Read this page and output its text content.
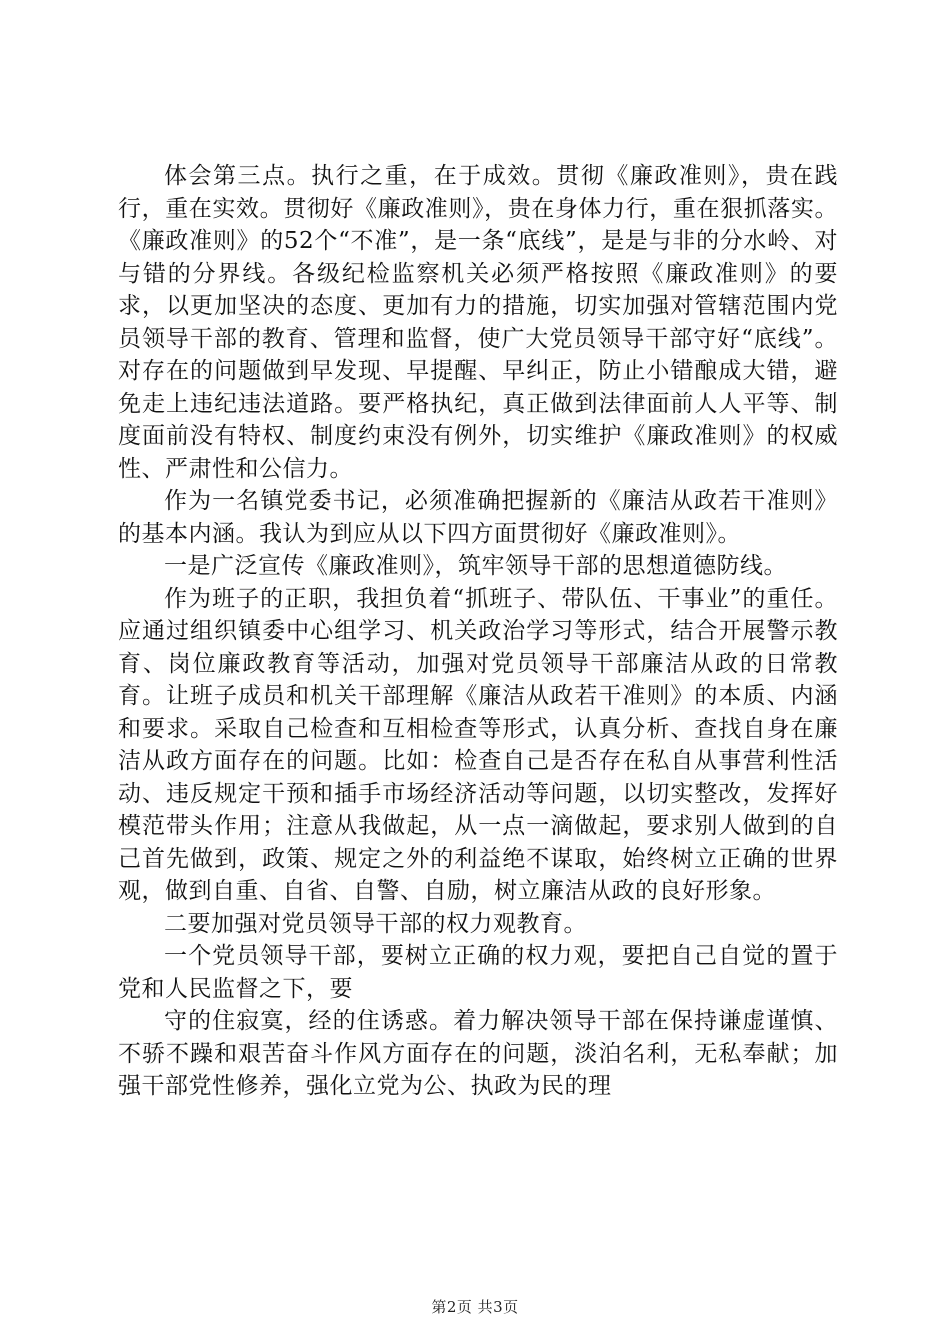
体会第三点。执行之重，在于成效。贯彻《廉政准则》，贵在践行，重在实效。贯彻好《廉政准则》，贵在身体力行，重在狠抓落实。《廉政准则》的52个“不准”，是一条“底线”，是是与非的分水岭、对与错的分界线。各级纪检监察机关必须严格按照《廉政准则》的要求，以更加坚决的态度、更加有力的措施，切实加强对管辖范围内党员领导干部的教育、管理和监督，使广大党员领导干部守好“底线”。对存在的问题做到早发现、早提醒、早纠正，防止小错酿成大错，避免走上违纪违法道路。要严格执纪，真正做到法律面前人人平等、制度面前没有特权、制度约束没有例外，切实维护《廉政准则》的权威性、严肃性和公信力。

作为一名镇党委书记，必须准确把握新的《廉洁从政若干准则》的基本内涵。我认为到应从以下四方面贯彻好《廉政准则》。

一是广泛宣传《廉政准则》，筑牢领导干部的思想道德防线。

作为班子的正职，我担负着“抓班子、带队伍、干事业”的重任。应通过组织镇委中心组学习、机关政治学习等形式，结合开展警示教育、岗位廉政教育等活动，加强对党员领导干部廉洁从政的日常教育。让班子成员和机关干部理解《廉洁从政若干准则》的本质、内涵和要求。采取自己检查和互相检查等形式，认真分析、查找自身在廉洁从政方面存在的问题。比如：检查自己是否存在私自从事营利性活动、违反规定干预和插手市场经济活动等问题，以切实整改，发挥好模范带头作用；注意从我做起，从一点一滴做起，要求别人做到的自己首先做到，政策、规定之外的利益绝不谋取，始终树立正确的世界观，做到自重、自省、自警、自励，树立廉洁从政的良好形象。

二要加强对党员领导干部的权力观教育。

一个党员领导干部，要树立正确的权力观，要把自己自觉的置于党和人民监督之下，要

守的住寂寞，经的住诱惑。着力解决领导干部在保持谦虚谨慎、不骄不躁和艰苦奋斗作风方面存在的问题，淡泊名利，无私奉献；加强干部党性修养，强化立党为公、执政为民的理

第2页 共3页
